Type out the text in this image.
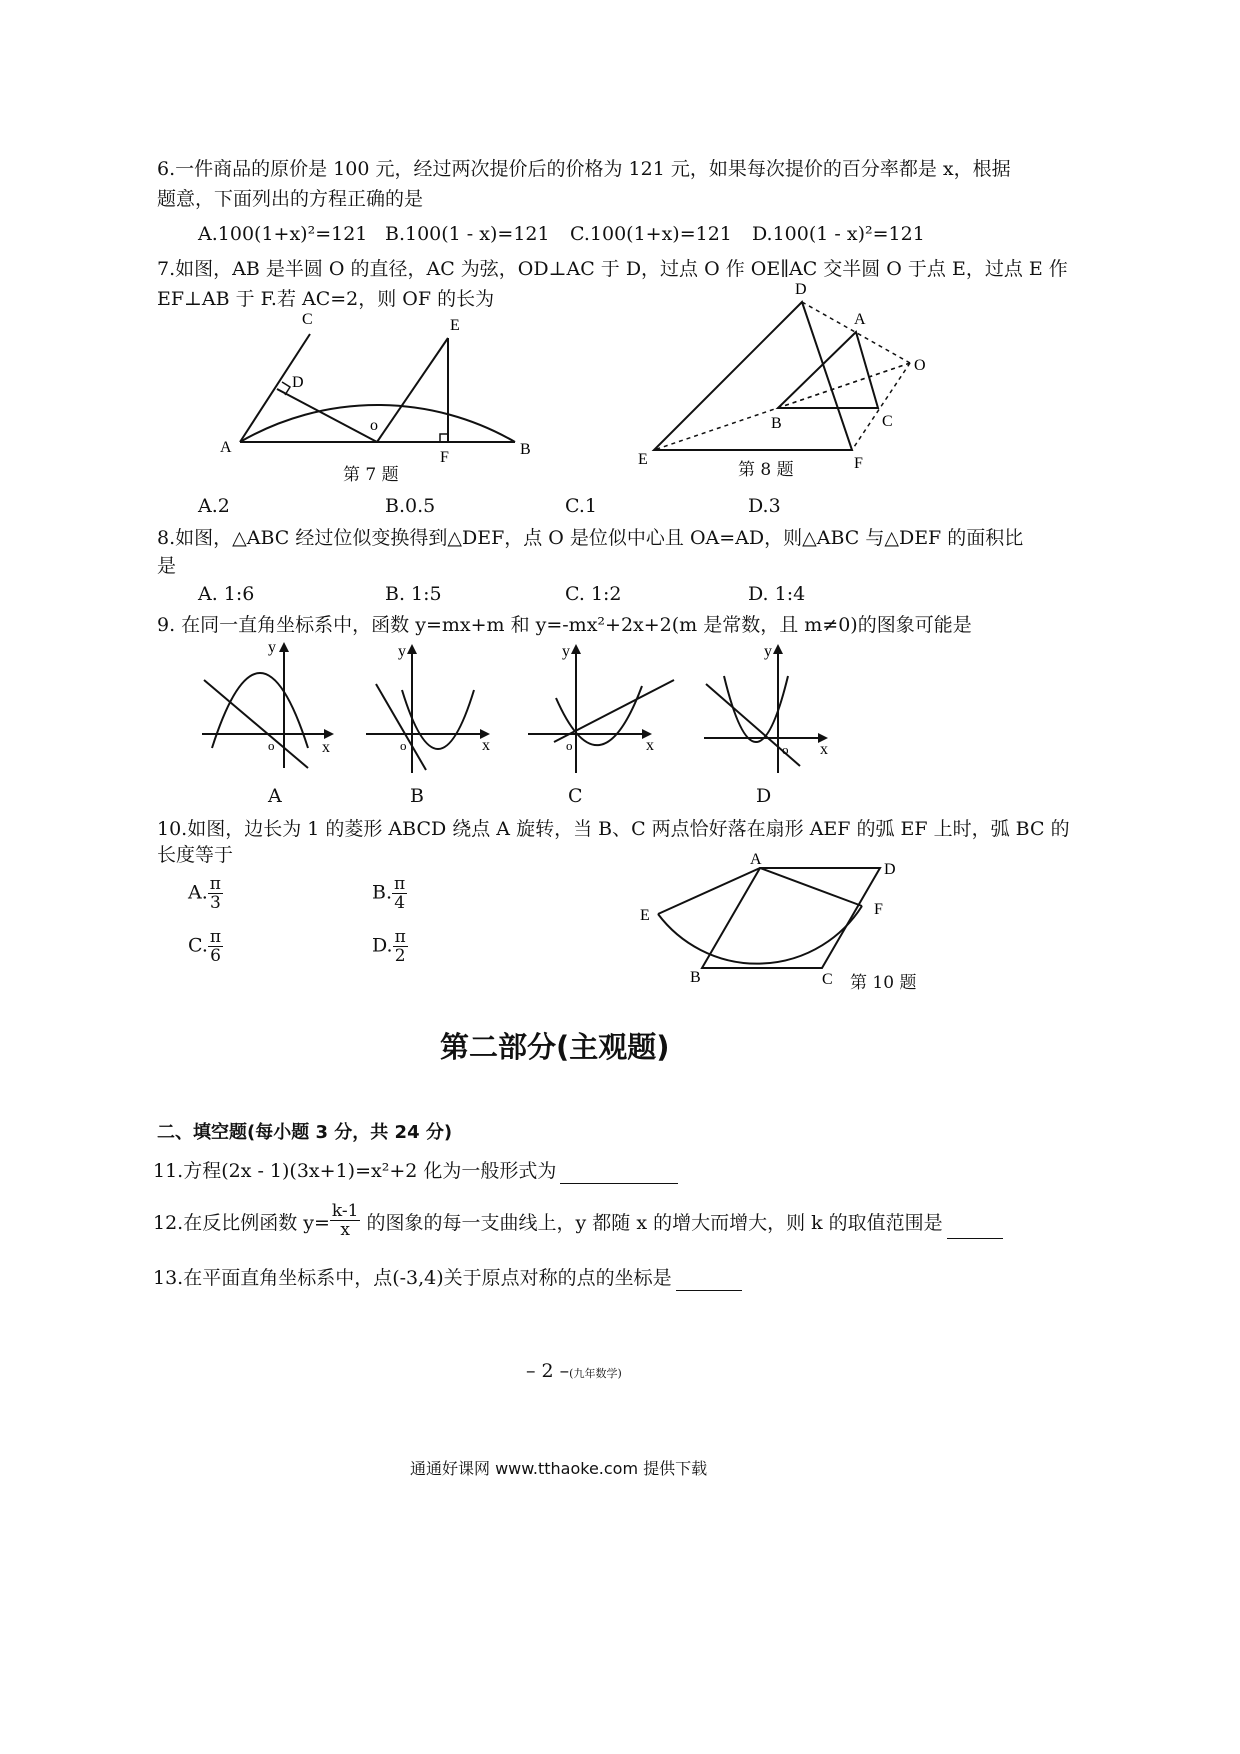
6.一件商品的原价是 100 元，经过两次提价后的价格为 121 元，如果每次提价的百分率都是 x，根据
题意，下面列出的方程正确的是
A.100(1+x)²=121 B.100(1 - x)=121 C.100(1+x)=121 D.100(1 - x)²=121
7.如图，AB 是半圆 O 的直径，AC 为弦，OD⊥AC 于 D，过点 O 作 OE∥AC 交半圆 O 于点 E，过点 E 作
EF⊥AB 于 F.若 AC=2，则 OF 的长为
A	B
C
D
E
F
o
第 7 题
D
A
O
B	C
E	F
第 8 题
A.2	B.0.5	C.1	D.3
8.如图，△ABC 经过位似变换得到△DEF，点 O 是位似中心且 OA=AD，则△ABC 与△DEF 的面积比
是
A. 1:6	B. 1:5	C. 1:2	D. 1:4
9. 在同一直角坐标系中，函数 y=mx+m 和 y=-mx²+2x+2(m 是常数，且 m≠0)的图象可能是
y
x
o
A
y
x
o
B
y
x
o
C
y
x
o
D
10.如图，边长为 1 的菱形 ABCD 绕点 A 旋转，当 B、C 两点恰好落在扇形 AEF 的弧 EF 上时，弧 BC 的
长度等于
A. $\frac{\pi}{3}$	B. $\frac{\pi}{4}$
C. $\frac{\pi}{6}$	D. $\frac{\pi}{2}$
A
D
E	F
B	C 第 10 题
第二部分(主观题)
二、填空题(每小题 3 分，共 24 分)
11.方程(2x - 1)(3x+1)=x²+2 化为一般形式为
12.在反比例函数 $y= \frac{k-1}{x}$ 的图象的每一支曲线上，y 都随 x 的增大而增大，则 k 的取值范围是
13.在平面直角坐标系中，点(-3,4)关于原点对称的点的坐标是
– 2 –(九年数学)
通通好课网 www.tthaoke.com 提供下载
